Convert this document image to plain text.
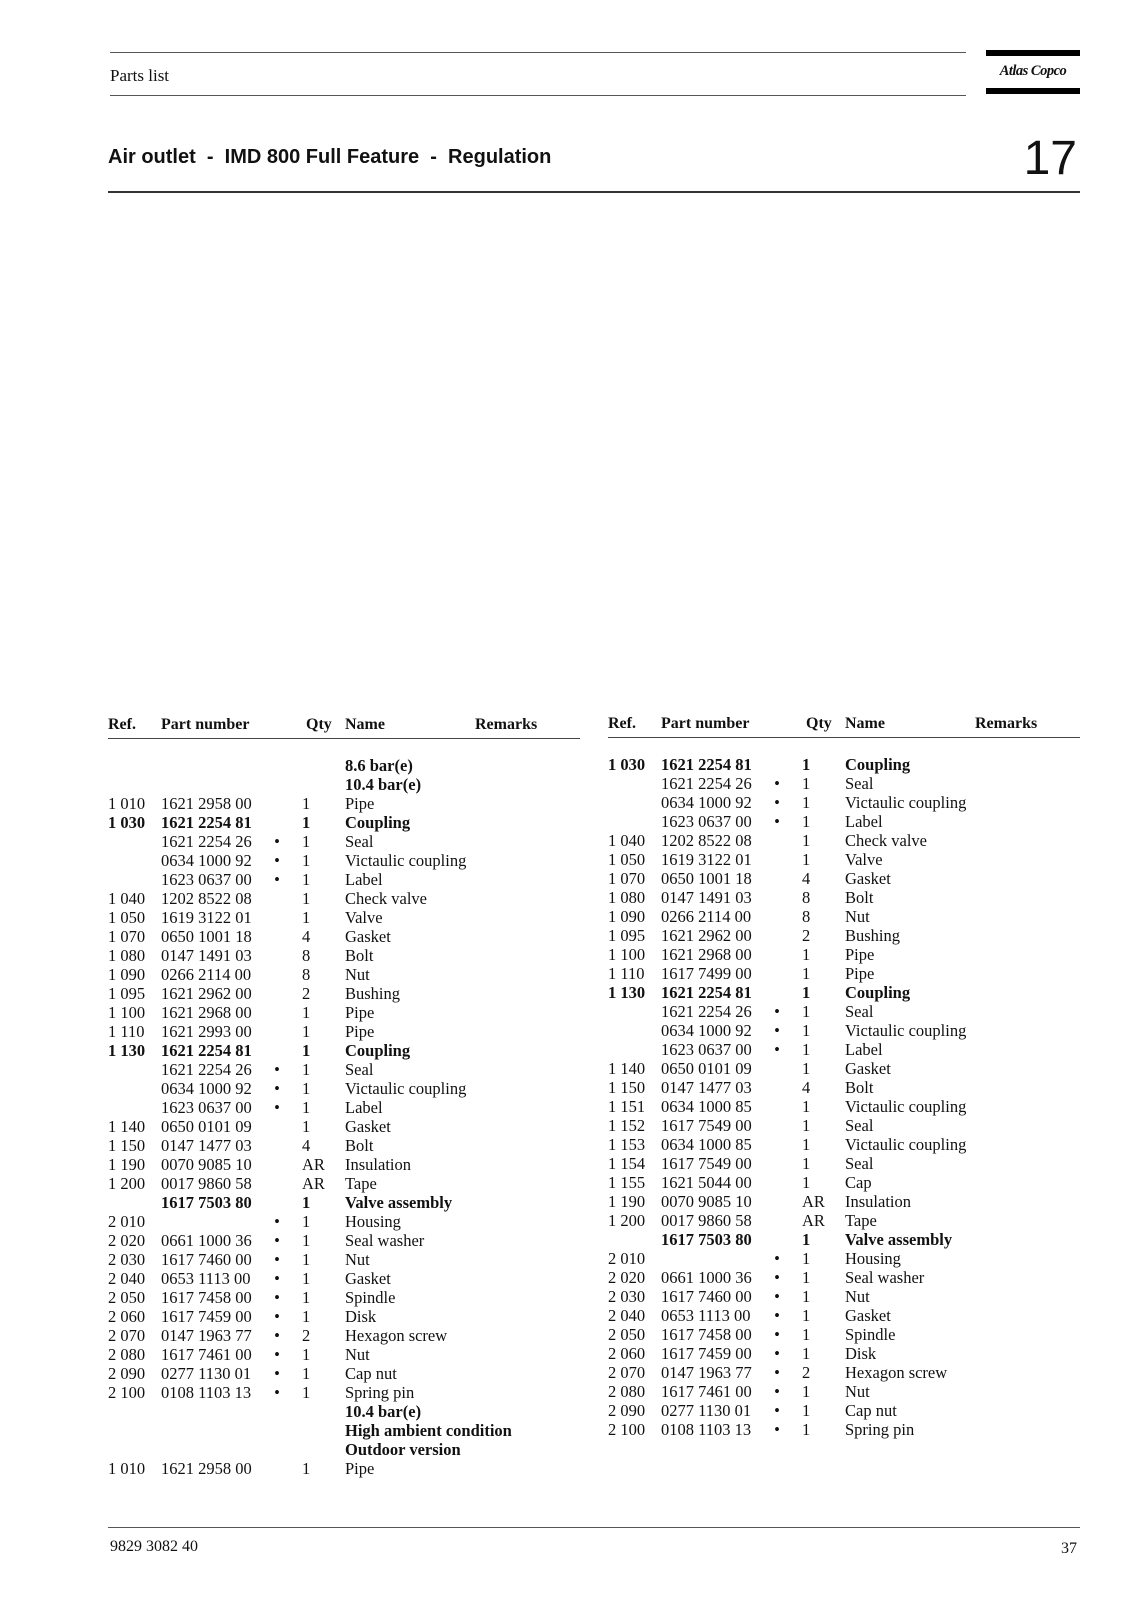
Parts list	Atlas Copco
Air outlet  -  IMD 800 Full Feature  -  Regulation	17
Ref. Part number	Qty Name	Remarks
8.6 bar(e)
10.4 bar(e)
1 010 1621 2958 00	1 Pipe
1 030 1621 2254 81	1 Coupling
1621 2254 26 • 1 Seal
0634 1000 92 • 1 Victaulic coupling
1623 0637 00 • 1 Label
1 040 1202 8522 08	1 Check valve
1 050 1619 3122 01	1 Valve
1 070 0650 1001 18	4 Gasket
1 080 0147 1491 03	8 Bolt
1 090 0266 2114 00	8 Nut
1 095 1621 2962 00	2 Bushing
1 100 1621 2968 00	1 Pipe
1 110 1621 2993 00	1 Pipe
1 130 1621 2254 81	1 Coupling
1621 2254 26 • 1 Seal
0634 1000 92 • 1 Victaulic coupling
1623 0637 00 • 1 Label
1 140 0650 0101 09	1 Gasket
1 150 0147 1477 03	4 Bolt
1 190 0070 9085 10	AR Insulation
1 200 0017 9860 58	AR Tape
1617 7503 80	1 Valve assembly
2 010	• 1 Housing
2 020 0661 1000 36 • 1 Seal washer
2 030 1617 7460 00 • 1 Nut
2 040 0653 1113 00 • 1 Gasket
2 050 1617 7458 00 • 1 Spindle
2 060 1617 7459 00 • 1 Disk
2 070 0147 1963 77 • 2 Hexagon screw
2 080 1617 7461 00 • 1 Nut
2 090 0277 1130 01 • 1 Cap nut
2 100 0108 1103 13 • 1 Spring pin
10.4 bar(e)
High ambient condition
Outdoor version
1 010 1621 2958 00	1 Pipe
Ref. Part number	Qty Name	Remarks
1 030 1621 2254 81	1 Coupling
1621 2254 26 • 1 Seal
0634 1000 92 • 1 Victaulic coupling
1623 0637 00 • 1 Label
1 040 1202 8522 08	1 Check valve
1 050 1619 3122 01	1 Valve
1 070 0650 1001 18	4 Gasket
1 080 0147 1491 03	8 Bolt
1 090 0266 2114 00	8 Nut
1 095 1621 2962 00	2 Bushing
1 100 1621 2968 00	1 Pipe
1 110 1617 7499 00	1 Pipe
1 130 1621 2254 81	1 Coupling
1621 2254 26 • 1 Seal
0634 1000 92 • 1 Victaulic coupling
1623 0637 00 • 1 Label
1 140 0650 0101 09	1 Gasket
1 150 0147 1477 03	4 Bolt
1 151 0634 1000 85	1 Victaulic coupling
1 152 1617 7549 00	1 Seal
1 153 0634 1000 85	1 Victaulic coupling
1 154 1617 7549 00	1 Seal
1 155 1621 5044 00	1 Cap
1 190 0070 9085 10	AR Insulation
1 200 0017 9860 58	AR Tape
1617 7503 80	1 Valve assembly
2 010	• 1 Housing
2 020 0661 1000 36 • 1 Seal washer
2 030 1617 7460 00 • 1 Nut
2 040 0653 1113 00 • 1 Gasket
2 050 1617 7458 00 • 1 Spindle
2 060 1617 7459 00 • 1 Disk
2 070 0147 1963 77 • 2 Hexagon screw
2 080 1617 7461 00 • 1 Nut
2 090 0277 1130 01 • 1 Cap nut
2 100 0108 1103 13 • 1 Spring pin
9829 3082 40	37
